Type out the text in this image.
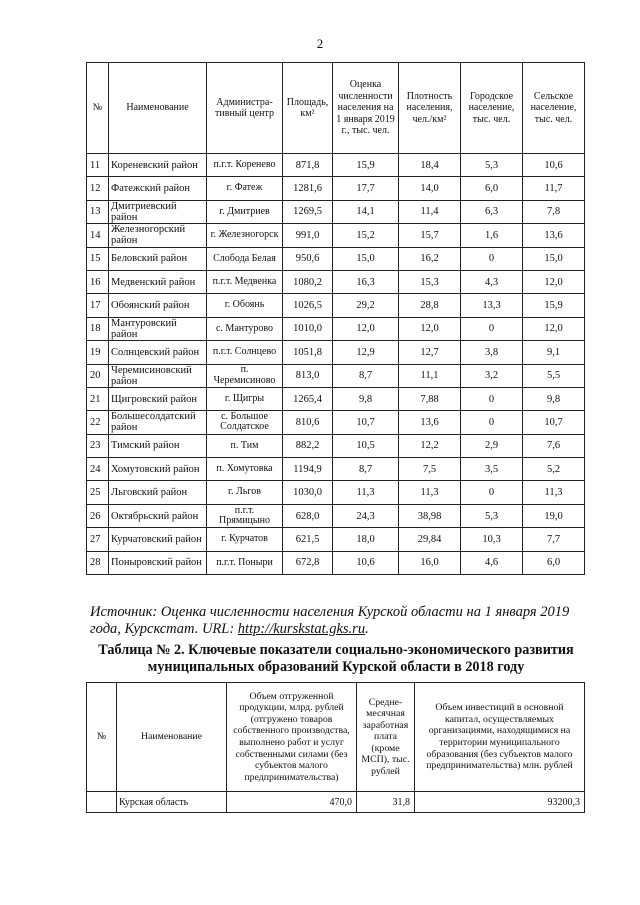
2
№	Наименование	Администра-тивный центр	Площадь, км²	Оценка численности населения на 1 января 2019 г., тыс. чел.	Плотность населения, чел./км²	Городское население, тыс. чел.	Сельское население, тыс. чел.
11	Кореневский район	п.г.т. Коренево	871,8	15,9	18,4	5,3	10,6
12	Фатежский район	г. Фатеж	1281,6	17,7	14,0	6,0	11,7
13	Дмитриевский район	г. Дмитриев	1269,5	14,1	11,4	6,3	7,8
14	Железногорский район	г. Железногорск	991,0	15,2	15,7	1,6	13,6
15	Беловский район	Слобода Белая	950,6	15,0	16,2	0	15,0
16	Медвенский район	п.г.т. Медвенка	1080,2	16,3	15,3	4,3	12,0
17	Обоянский район	г. Обоянь	1026,5	29,2	28,8	13,3	15,9
18	Мантуровский район	с. Мантурово	1010,0	12,0	12,0	0	12,0
19	Солнцевский район	п.г.т. Солнцево	1051,8	12,9	12,7	3,8	9,1
20	Черемисиновский район	п. Черемисиново	813,0	8,7	11,1	3,2	5,5
21	Щигровский район	г. Щигры	1265,4	9,8	7,88	0	9,8
22	Большесолдатский район	с. Большое Солдатское	810,6	10,7	13,6	0	10,7
23	Тимский район	п. Тим	882,2	10,5	12,2	2,9	7,6
24	Хомутовский район	п. Хомутовка	1194,9	8,7	7,5	3,5	5,2
25	Льговский район	г. Льгов	1030,0	11,3	11,3	0	11,3
26	Октябрьский район	п.г.т. Прямицыно	628,0	24,3	38,98	5,3	19,0
27	Курчатовский район	г. Курчатов	621,5	18,0	29,84	10,3	7,7
28	Поныровский район	п.г.т. Поныри	672,8	10,6	16,0	4,6	6,0
Источник: Оценка численности населения Курской области на 1 января 2019 года, Курскстат. URL: http://kurskstat.gks.ru.
Таблица № 2. Ключевые показатели социально-экономического развития муниципальных образований Курской области в 2018 году
№	Наименование	Объем отгруженной продукции, млрд. рублей (отгружено товаров собственного производства, выполнено работ и услуг собственными силами (без субъектов малого предпринимательства)	Средне-месячная заработная плата (кроме МСП), тыс. рублей	Объем инвестиций в основной капитал, осуществляемых организациями, находящимися на территории муниципального образования (без субъектов малого предпринимательства) млн. рублей
	Курская область	470,0	31,8	93200,3
